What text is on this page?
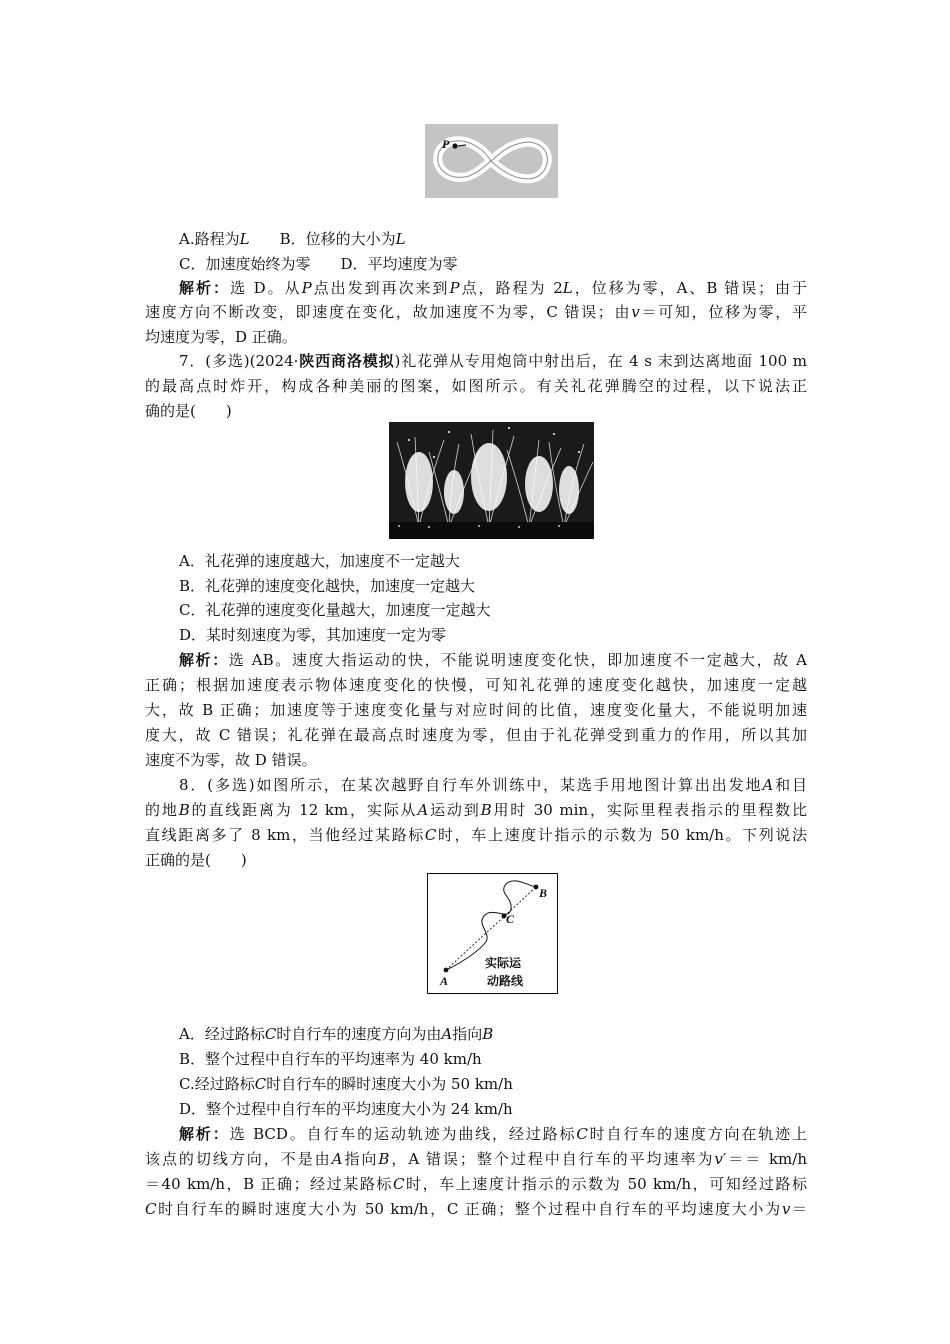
P
A.路程为L B．位移的大小为L
C．加速度始终为零 D．平均速度为零
解析：选 D。从P点出发到再次来到P点，路程为 2L，位移为零，A、B 错误；由于
速度方向不断改变，即速度在变化，故加速度不为零，C 错误；由v＝可知，位移为零，平
均速度为零，D 正确。
7．(多选)(2024·陕西商洛模拟)礼花弹从专用炮筒中射出后，在 4 s 末到达离地面 100 m
的最高点时炸开，构成各种美丽的图案，如图所示。有关礼花弹腾空的过程，以下说法正
确的是(　　)
A．礼花弹的速度越大，加速度不一定越大
B．礼花弹的速度变化越快，加速度一定越大
C．礼花弹的速度变化量越大，加速度一定越大
D．某时刻速度为零，其加速度一定为零
解析：选 AB。速度大指运动的快，不能说明速度变化快，即加速度不一定越大，故 A
正确；根据加速度表示物体速度变化的快慢，可知礼花弹的速度变化越快，加速度一定越
大，故 B 正确；加速度等于速度变化量与对应时间的比值，速度变化量大，不能说明加速
度大，故 C 错误；礼花弹在最高点时速度为零，但由于礼花弹受到重力的作用，所以其加
速度不为零，故 D 错误。
8．(多选)如图所示，在某次越野自行车外训练中，某选手用地图计算出出发地A和目
的地B的直线距离为 12 km，实际从A运动到B用时 30 min，实际里程表指示的里程数比
直线距离多了 8 km，当他经过某路标C时，车上速度计指示的示数为 50 km/h。下列说法
正确的是(　　)
A
B
C
实际运
动路线
A．经过路标C时自行车的速度方向为由A指向B
B．整个过程中自行车的平均速率为 40 km/h
C.经过路标C时自行车的瞬时速度大小为 50 km/h
D．整个过程中自行车的平均速度大小为 24 km/h
解析：选 BCD。自行车的运动轨迹为曲线，经过路标C时自行车的速度方向在轨迹上
该点的切线方向，不是由A指向B，A 错误；整个过程中自行车的平均速率为v′＝＝ km/h
＝40 km/h，B 正确；经过某路标C时，车上速度计指示的示数为 50 km/h，可知经过路标
C时自行车的瞬时速度大小为 50 km/h，C 正确；整个过程中自行车的平均速度大小为v＝
